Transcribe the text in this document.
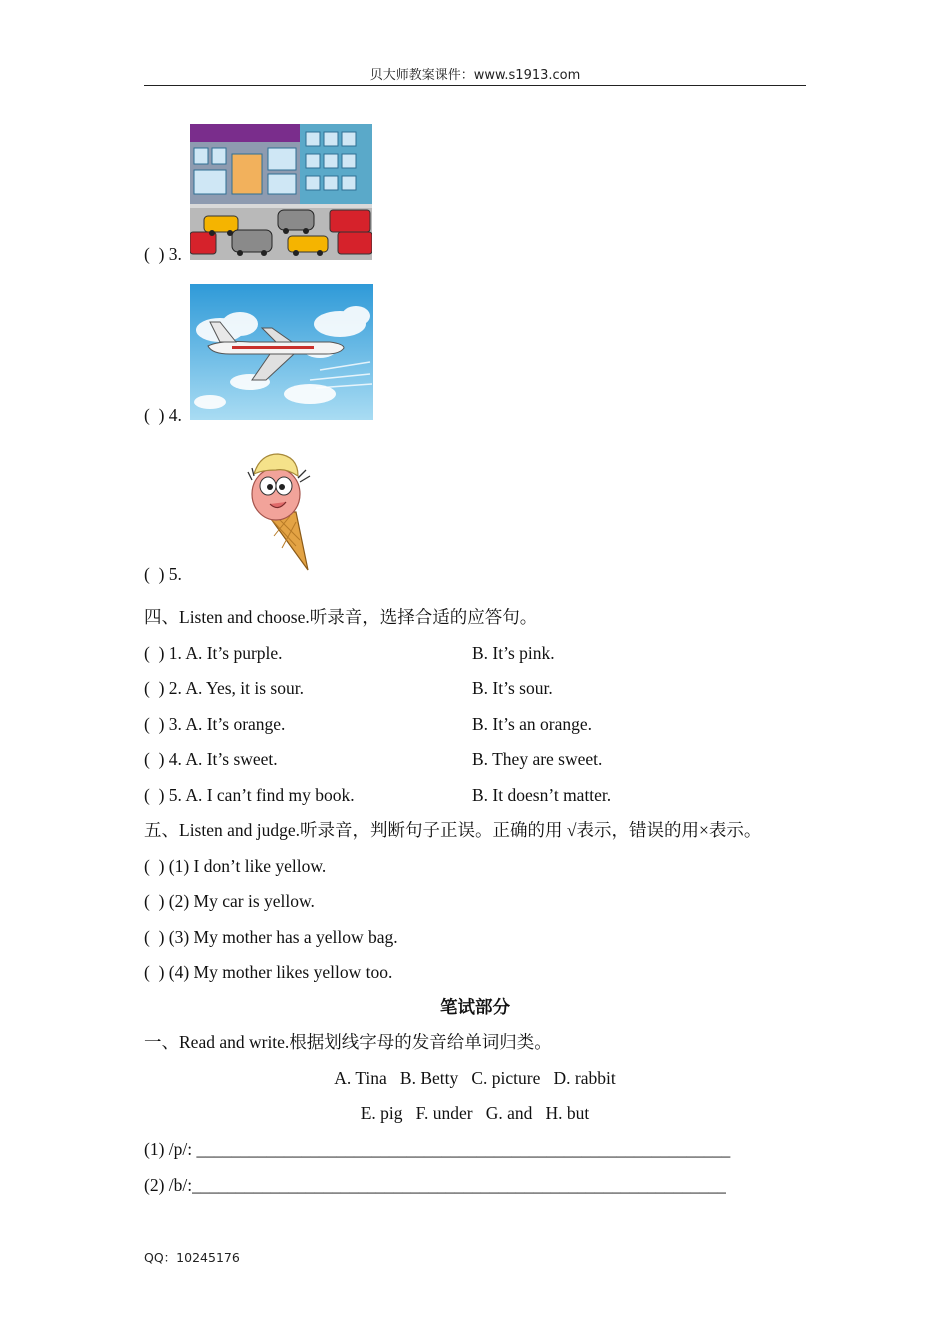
贝大师教案课件：www.s1913.com
(  ) 3.
(  ) 4.
(  ) 5.
四、Listen and choose.听录音，选择合适的应答句。
(  ) 1. A. It’s purple.	B. It’s pink.
(  ) 2. A. Yes, it is sour.	B. It’s sour.
(  ) 3. A. It’s orange.	B. It’s an orange.
(  ) 4. A. It’s sweet.	B. They are sweet.
(  ) 5. A. I can’t find my book.	B. It doesn’t matter.
五、Listen and judge.听录音，判断句子正误。正确的用 √表示，错误的用×表示。
(  ) (1) I don’t like yellow.
(  ) (2) My car is yellow.
(  ) (3) My mother has a yellow bag.
(  ) (4) My mother likes yellow too.
笔试部分
一、Read and write.根据划线字母的发音给单词归类。
A. Tina   B. Betty   C. picture   D. rabbit
E. pig   F. under   G. and   H. but
(1) /p/: _____________________________________________________________
(2) /b/:_____________________________________________________________
QQ：10245176
